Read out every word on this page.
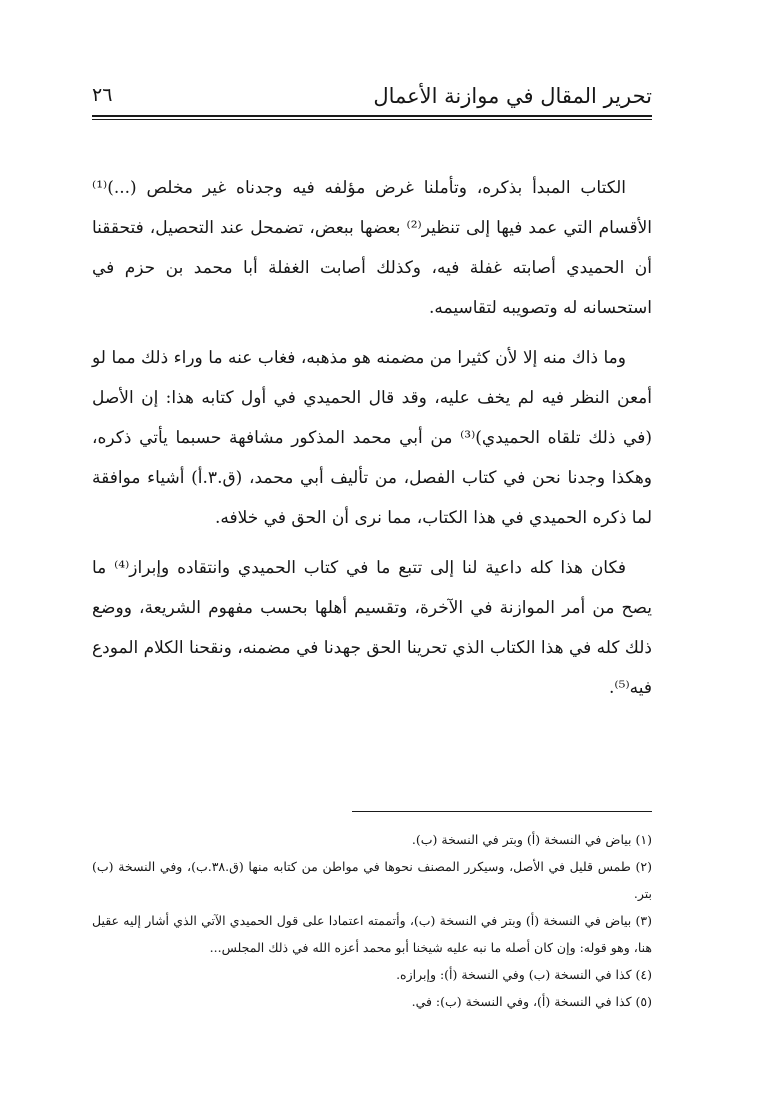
٢٦	تحرير المقال في موازنة الأعمال

الكتاب المبدأ بذكره، وتأملنا غرض مؤلفه فيه وجدناه غير مخلص (...)⁽¹⁾ الأقسام التي عمد فيها إلى تنظير⁽²⁾ بعضها ببعض، تضمحل عند التحصيل، فتحققنا أن الحميدي أصابته غفلة فيه، وكذلك أصابت الغفلة أبا محمد بن حزم في استحسانه له وتصويبه لتقاسيمه.

وما ذاك منه إلا لأن كثيرا من مضمنه هو مذهبه، فغاب عنه ما وراء ذلك مما لو أمعن النظر فيه لم يخف عليه، وقد قال الحميدي في أول كتابه هذا: إن الأصل (في ذلك تلقاه الحميدي)⁽³⁾ من أبي محمد المذكور مشافهة حسبما يأتي ذكره، وهكذا وجدنا نحن في كتاب الفصل، من تأليف أبي محمد، (ق.٣.أ) أشياء موافقة لما ذكره الحميدي في هذا الكتاب، مما نرى أن الحق في خلافه.

فكان هذا كله داعية لنا إلى تتبع ما في كتاب الحميدي وانتقاده وإبراز⁽⁴⁾ ما يصح من أمر الموازنة في الآخرة، وتقسيم أهلها بحسب مفهوم الشريعة، ووضع ذلك كله في هذا الكتاب الذي تحرينا الحق جهدنا في مضمنه، ونقحنا الكلام المودع فيه⁽⁵⁾.

(١) بياض في النسخة (أ) وبتر في النسخة (ب).

(٢) طمس قليل في الأصل، وسيكرر المصنف نحوها في مواطن من كتابه منها (ق.٣٨.ب)، وفي النسخة (ب) بتر.

(٣) بياض في النسخة (أ) وبتر في النسخة (ب)، وأتممته اعتمادا على قول الحميدي الآتي الذي أشار إليه عقيل هنا، وهو قوله: وإن كان أصله ما نبه عليه شيخنا أبو محمد أعزه الله في ذلك المجلس...

(٤) كذا في النسخة (ب) وفي النسخة (أ): وإبرازه.

(٥) كذا في النسخة (أ)، وفي النسخة (ب): في.
